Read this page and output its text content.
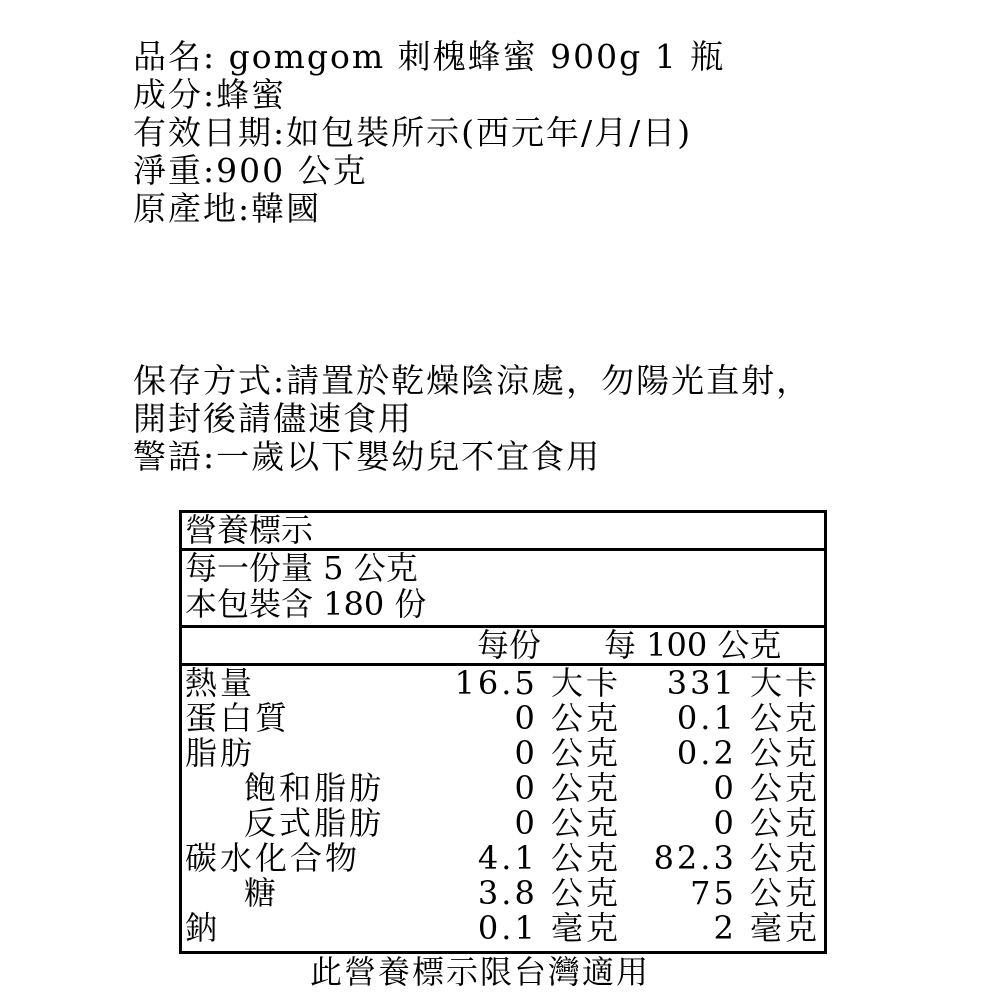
品名: gomgom 刺槐蜂蜜 900g 1 瓶
成分:蜂蜜
有效日期:如包裝所示(西元年/月/日)
淨重:900 公克
原產地:韓國
保存方式:請置於乾燥陰涼處，勿陽光直射，
開封後請儘速食用
警語:一歲以下嬰幼兒不宜食用
營養標示
每一份量 5 公克
本包裝含 180 份
每份 每 100 公克
熱量	16.5 大卡 331 大卡
蛋白質	0 公克 0.1 公克
脂肪	0 公克 0.2 公克
飽和脂肪	0 公克	0 公克
反式脂肪	0 公克	0 公克
碳水化合物	4.1 公克 82.3 公克
糖	3.8 公克 75 公克
鈉	0.1 毫克	2 毫克
此營養標示限台灣適用
